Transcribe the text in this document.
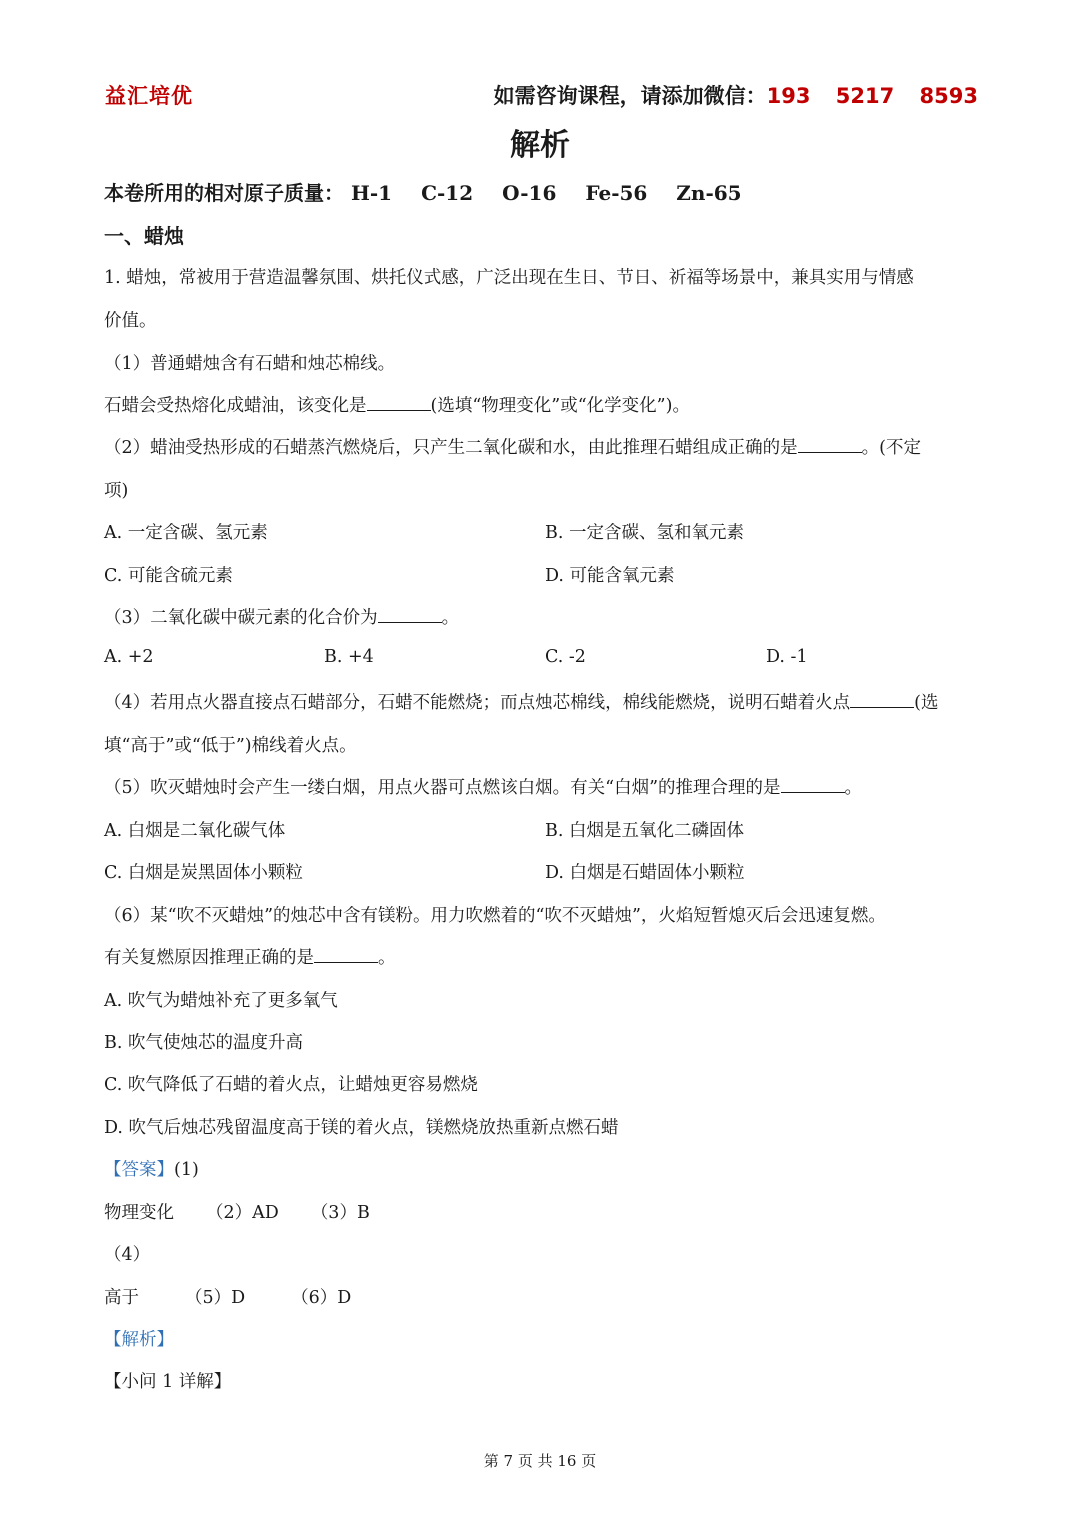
益汇培优	如需咨询课程，请添加微信：193 5217 8593
解析
本卷所用的相对原子质量： H-1 C-12 O-16 Fe-56 Zn-65
一、蜡烛
1. 蜡烛，常被用于营造温馨氛围、烘托仪式感，广泛出现在生日、节日、祈福等场景中，兼具实用与情感
价值。
（1）普通蜡烛含有石蜡和烛芯棉线。
石蜡会受热熔化成蜡油，该变化是	(选填“物理变化”或“化学变化”)。
（2）蜡油受热形成的石蜡蒸汽燃烧后，只产生二氧化碳和水，由此推理石蜡组成正确的是	。(不定
项)
A. 一定含碳、氢元素	B. 一定含碳、氢和氧元素
C. 可能含硫元素	D. 可能含氧元素
（3）二氧化碳中碳元素的化合价为	。
A. +2	B. +4	C. -2	D. -1
（4）若用点火器直接点石蜡部分，石蜡不能燃烧；而点烛芯棉线，棉线能燃烧，说明石蜡着火点	(选
填“高于”或“低于”)棉线着火点。
（5）吹灭蜡烛时会产生一缕白烟，用点火器可点燃该白烟。有关“白烟”的推理合理的是	。
A. 白烟是二氧化碳气体	B. 白烟是五氧化二磷固体
C. 白烟是炭黑固体小颗粒	D. 白烟是石蜡固体小颗粒
（6）某“吹不灭蜡烛”的烛芯中含有镁粉。用力吹燃着的“吹不灭蜡烛”，火焰短暂熄灭后会迅速复燃。
有关复燃原因推理正确的是	。
A. 吹气为蜡烛补充了更多氧气
B. 吹气使烛芯的温度升高
C. 吹气降低了石蜡的着火点，让蜡烛更容易燃烧
D. 吹气后烛芯残留温度高于镁的着火点，镁燃烧放热重新点燃石蜡
【答案】(1)
物理变化 （2）AD （3）B
（4）
高于	（5）D	（6）D
【解析】
【小问 1 详解】
第 7 页 共 16 页
